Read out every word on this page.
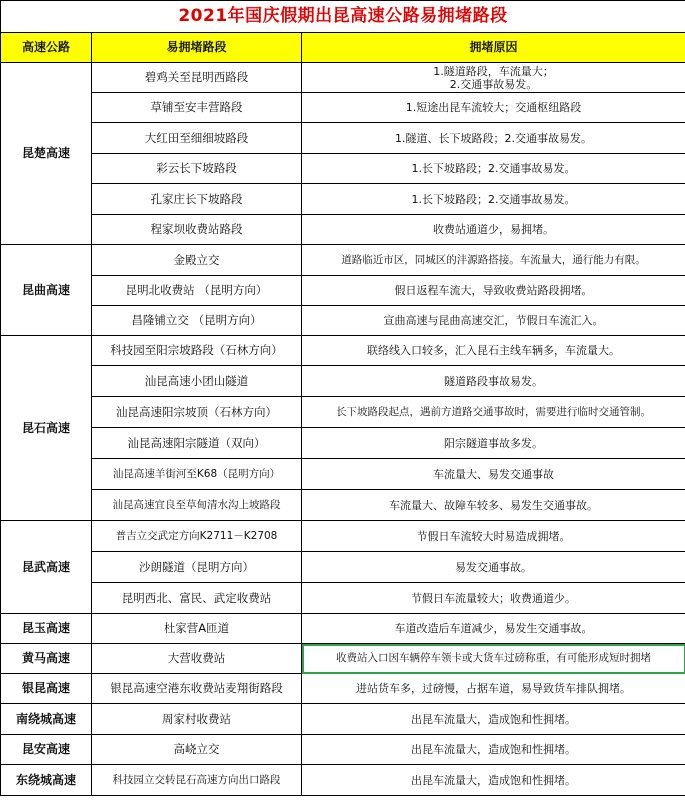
2021年国庆假期出昆高速公路易拥堵路段		
高速公路	易拥堵路段	拥堵原因
昆楚高速	碧鸡关至昆明西路段	1.隧道路段，车流量大；
2.交通事故易发。

	草铺至安丰营路段	1.短途出昆车流较大；交通枢纽路段

	大红田至细细坡路段	1.隧道、长下坡路段；2.交通事故易发。

	彩云长下坡路段	1.长下坡路段；2.交通事故易发。

	孔家庄长下坡路段	1.长下坡路段；2.交通事故易发。

	程家坝收费站路段	收费站通道少，易拥堵。

昆曲高速	金殿立交	道路临近市区，同城区的沣源路搭接。车流量大，通行能力有限。

	昆明北收费站 （昆明方向）	假日返程车流大，导致收费站路段拥堵。

	昌隆铺立交 （昆明方向）	宣曲高速与昆曲高速交汇，节假日车流汇入。

昆石高速	科技园至阳宗坡路段（石林方向）	联络线入口较多，汇入昆石主线车辆多，车流量大。

	汕昆高速小团山隧道	隧道路段事故易发。

	汕昆高速阳宗坡顶（石林方向）	长下坡路段起点，遇前方道路交通事故时，需要进行临时交通管制。

	汕昆高速阳宗隧道（双向）	阳宗隧道事故多发。

	汕昆高速羊街河至K68（昆明方向）	车流量大、易发交通事故

	汕昆高速宜良至草甸清水沟上坡路段	车流量大、故障车较多、易发生交通事故。

昆武高速	普吉立交武定方向K2711－K2708	节假日车流较大时易造成拥堵。

	沙朗隧道（昆明方向）	易发交通事故。

	昆明西北、富民、武定收费站	节假日车流量较大；收费通道少。

昆玉高速	杜家营A匝道	车道改造后车道减少，易发生交通事故。

黄马高速	大营收费站	收费站入口因车辆停车领卡或大货车过磅称重，有可能形成短时拥堵

银昆高速	银昆高速空港东收费站麦翔街路段	进站货车多，过磅慢，占据车道，易导致货车排队拥堵。

南绕城高速	周家村收费站	出昆车流量大，造成饱和性拥堵。

昆安高速	高峣立交	出昆车流量大，造成饱和性拥堵。

东绕城高速	科技园立交转昆石高速方向出口路段	出昆车流量大，造成饱和性拥堵。
